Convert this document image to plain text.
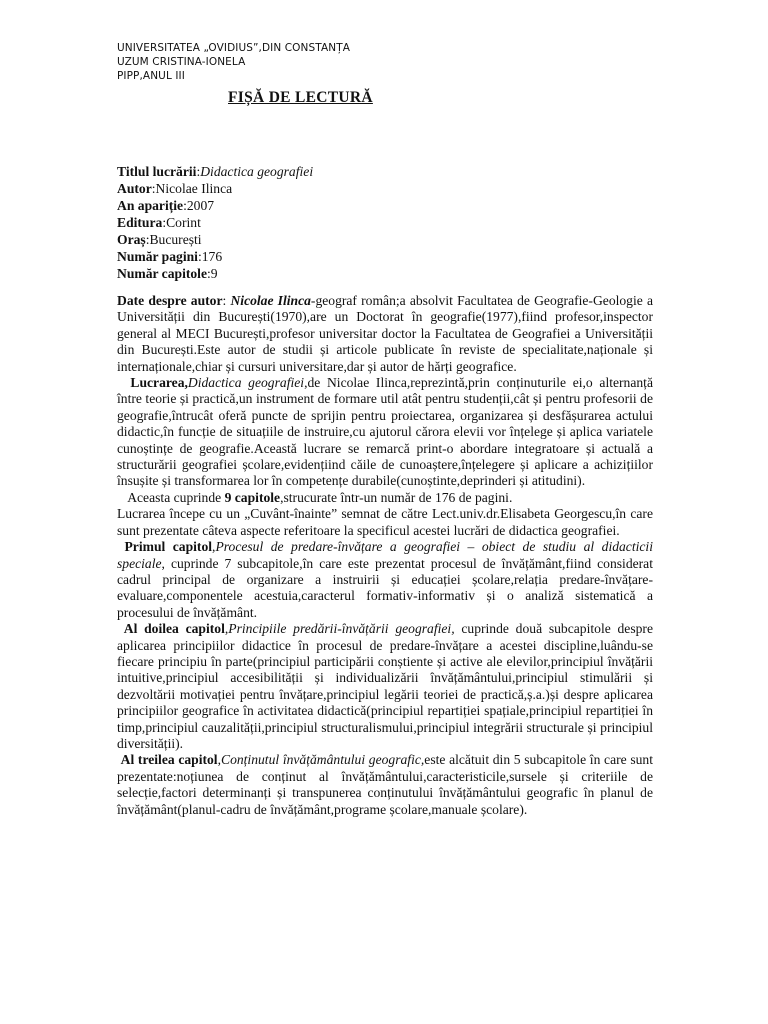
UNIVERSITATEA „OVIDIUS”,DIN CONSTANȚA
UZUM CRISTINA-IONELA
PIPP,ANUL III
FIȘĂ DE LECTURĂ
Titlul lucrării:Didactica geografiei
Autor:Nicolae Ilinca
An apariție:2007
Editura:Corint
Oraș:București
Număr pagini:176
Număr capitole:9

Date despre autor: Nicolae Ilinca-geograf român;a absolvit Facultatea de Geografie-Geologie a Universității din București(1970),are un Doctorat în geografie(1977),fiind profesor,inspector general al MECI București,profesor universitar doctor la Facultatea de Geografiei a Universității din București.Este autor de studii și articole publicate în reviste de specialitate,naționale și internaționale,chiar și cursuri universitare,dar și autor de hărți geografice.

Lucrarea,Didactica geografiei,de Nicolae Ilinca,reprezintă,prin conținuturile ei,o alternanță între teorie și practică,un instrument de formare util atât pentru studenții,cât și pentru profesorii de geografie,întrucât oferă puncte de sprijin pentru proiectarea, organizarea și desfășurarea actului didactic,în funcție de situațiile de instruire,cu ajutorul cărora elevii vor înțelege și aplica variatele cunoștințe de geografie.Această lucrare se remarcă print-o abordare integratoare și actuală a structurării geografiei școlare,evidențiind căile de cunoaștere,înțelegere și aplicare a achizițiilor însușite și transformarea lor în competențe durabile(cunoștinte,deprinderi și atitudini).

Aceasta cuprinde 9 capitole,strucurate într-un număr de 176 de pagini.

Lucrarea începe cu un „Cuvânt-înainte” semnat de către Lect.univ.dr.Elisabeta Georgescu,în care sunt prezentate câteva aspecte referitoare la specificul acestei lucrări de didactica geografiei.

Primul capitol,Procesul de predare-învățare a geografiei – obiect de studiu al didacticii speciale, cuprinde 7 subcapitole,în care este prezentat procesul de învățământ,fiind considerat cadrul principal de organizare a instruirii și educației școlare,relația predare-învățare-evaluare,componentele acestuia,caracterul formativ-informativ și o analiză sistematică a procesului de învățământ.

Al doilea capitol,Principiile predării-învățării geografiei, cuprinde două subcapitole despre aplicarea principiilor didactice în procesul de predare-învățare a acestei discipline,luându-se fiecare principiu în parte(principiul participării conștiente și active ale elevilor,principiul învățării intuitive,principiul accesibilității și individualizării învățământului,principiul stimulării și dezvoltării motivației pentru învățare,principiul legării teoriei de practică,ș.a.)și despre aplicarea principiilor geografice în activitatea didactică(principiul repartiției spațiale,principiul repartiției în timp,principiul cauzalității,principiul structuralismului,principiul integrării structurale și principiul diversității).

Al treilea capitol,Conținutul învățământului geografic,este alcătuit din 5 subcapitole în care sunt prezentate:noțiunea de conținut al învățământului,caracteristicile,sursele și criteriile de selecție,factori determinanți și transpunerea conținutului învățământului geografic în planul de învățământ(planul-cadru de învățământ,programe școlare,manuale școlare).
